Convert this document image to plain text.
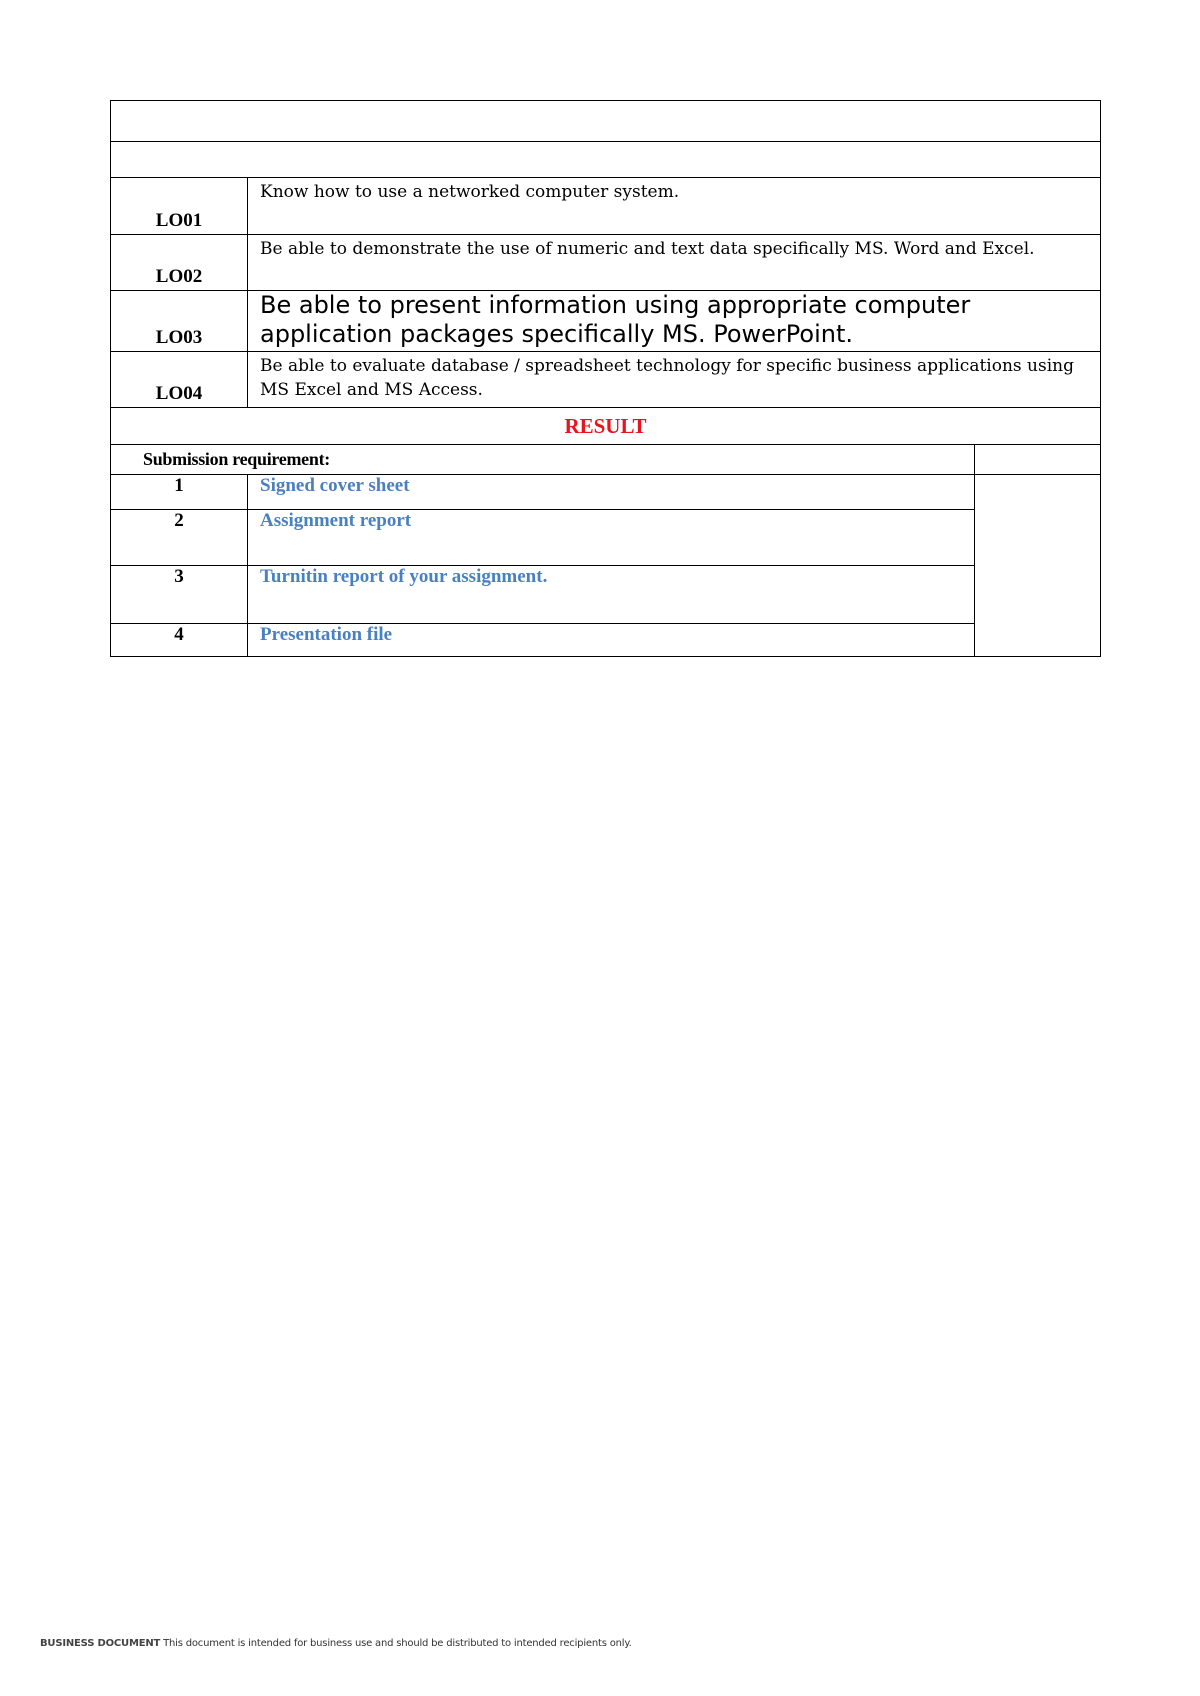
LO01	Know how to use a networked computer system.	
LO02	Be able to demonstrate the use of numeric and text data specifically MS. Word and Excel.	
LO03	Be able to present information using appropriate computer application packages specifically MS. PowerPoint.	
LO04	Be able to evaluate database / spreadsheet technology for specific business applications using MS Excel and MS Access.	
RESULT		
Submission requirement:		
1	Signed cover sheet	
2	Assignment report	
3	Turnitin report of your assignment.	
4	Presentation file	
BUSINESS DOCUMENT This document is intended for business use and should be distributed to intended recipients only.
